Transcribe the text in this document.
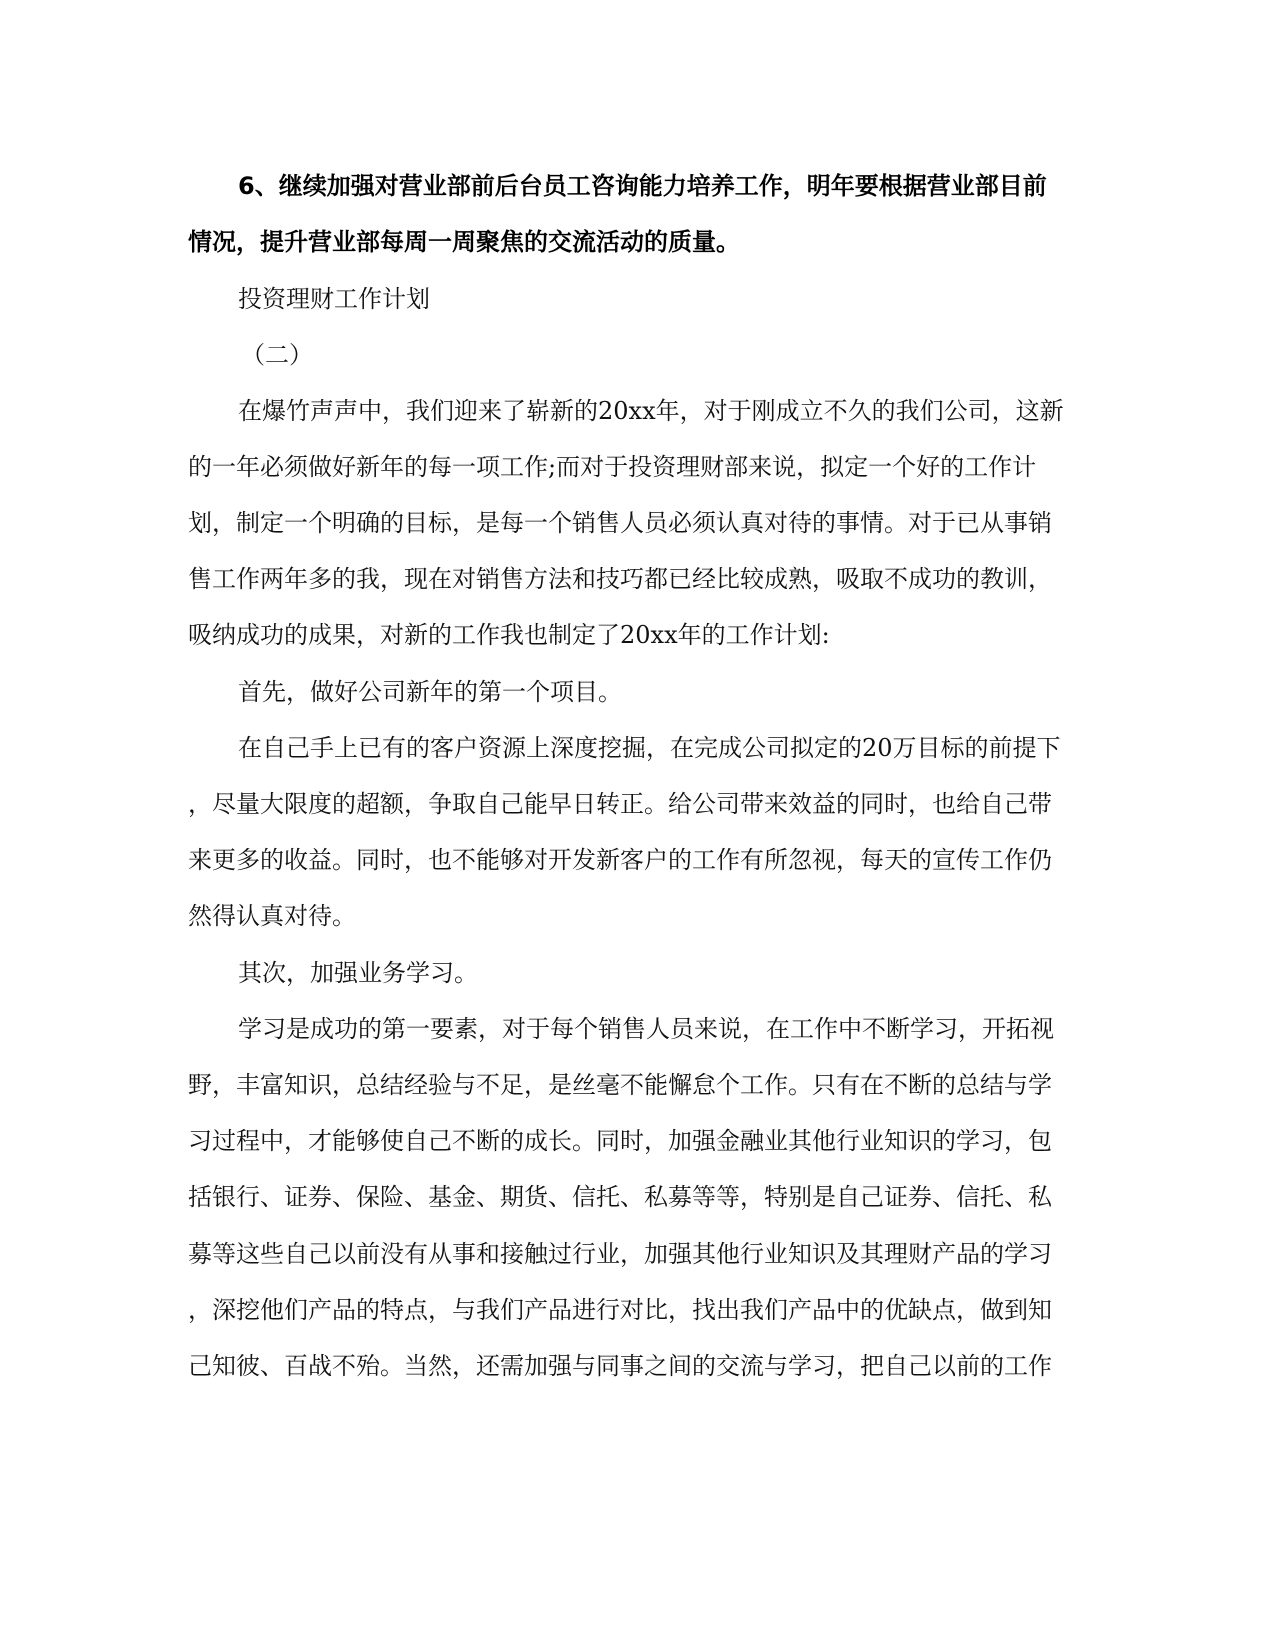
6、继续加强对营业部前后台员工咨询能力培养工作，明年要根据营业部目前
情况，提升营业部每周一周聚焦的交流活动的质量。
投资理财工作计划
（二）
在爆竹声声中，我们迎来了崭新的20xx年，对于刚成立不久的我们公司，这新
的一年必须做好新年的每一项工作;而对于投资理财部来说，拟定一个好的工作计
划，制定一个明确的目标，是每一个销售人员必须认真对待的事情。对于已从事销
售工作两年多的我，现在对销售方法和技巧都已经比较成熟，吸取不成功的教训，
吸纳成功的成果，对新的工作我也制定了20xx年的工作计划:
首先，做好公司新年的第一个项目。
在自己手上已有的客户资源上深度挖掘，在完成公司拟定的20万目标的前提下
，尽量大限度的超额，争取自己能早日转正。给公司带来效益的同时，也给自己带
来更多的收益。同时，也不能够对开发新客户的工作有所忽视，每天的宣传工作仍
然得认真对待。
其次，加强业务学习。
学习是成功的第一要素，对于每个销售人员来说，在工作中不断学习，开拓视
野，丰富知识，总结经验与不足，是丝毫不能懈怠个工作。只有在不断的总结与学
习过程中，才能够使自己不断的成长。同时，加强金融业其他行业知识的学习，包
括银行、证券、保险、基金、期货、信托、私募等等，特别是自己证券、信托、私
募等这些自己以前没有从事和接触过行业，加强其他行业知识及其理财产品的学习
，深挖他们产品的特点，与我们产品进行对比，找出我们产品中的优缺点，做到知
己知彼、百战不殆。当然，还需加强与同事之间的交流与学习，把自己以前的工作
